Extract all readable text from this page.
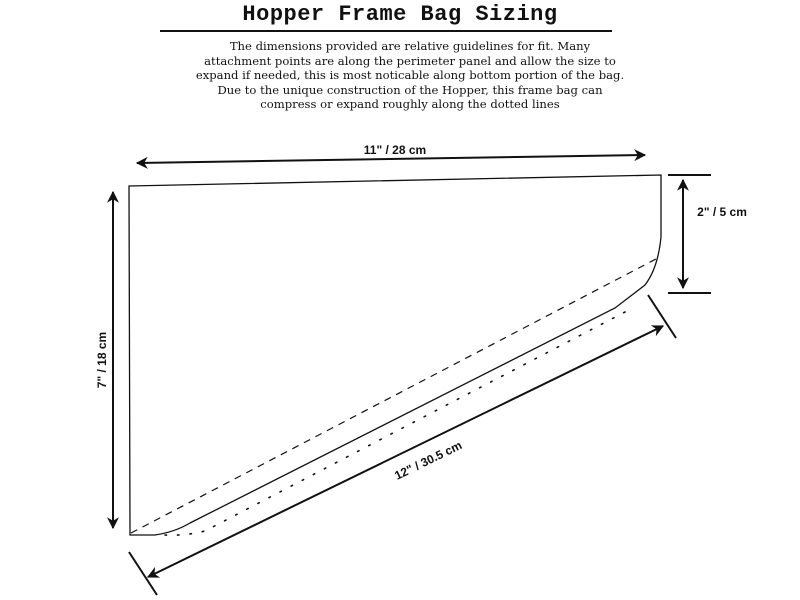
Hopper Frame Bag Sizing
The dimensions provided are relative guidelines for fit. Many
attachment points are along the perimeter panel and allow the size to
expand if needed, this is most noticable along bottom portion of the bag.
Due to the unique construction of the Hopper, this frame bag can
compress or expand roughly along the dotted lines
11" / 28 cm
2" / 5 cm
7" / 18 cm
12" / 30.5 cm
